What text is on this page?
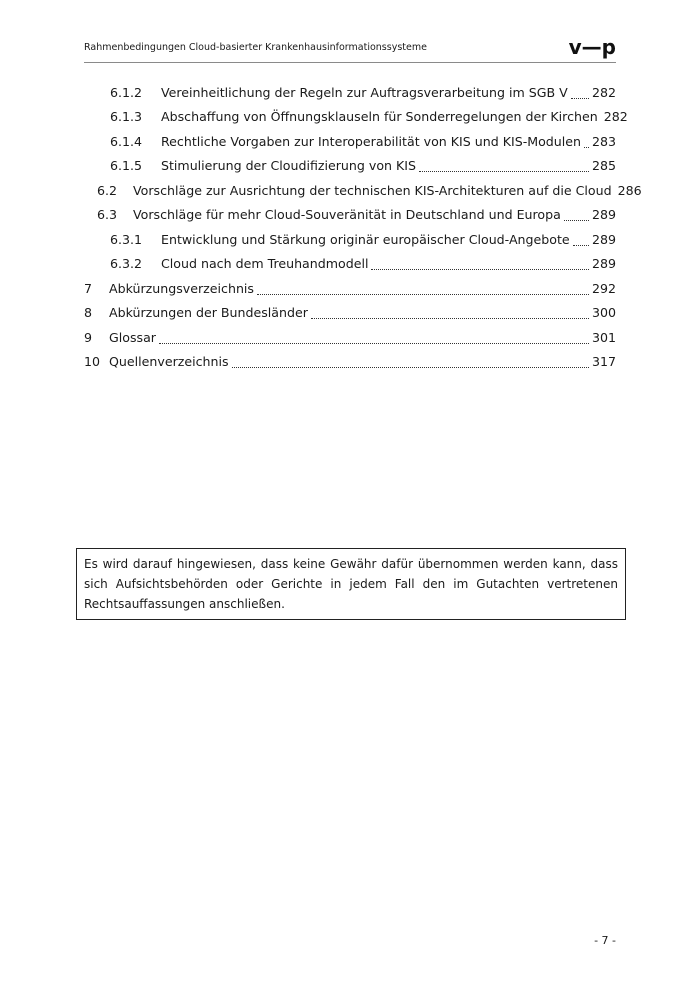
Rahmenbedingungen Cloud-basierter Krankenhausinformationssysteme	v—p
6.1.2	Vereinheitlichung der Regeln zur Auftragsverarbeitung im SGB V 282
6.1.3	Abschaffung von Öffnungsklauseln für Sonderregelungen der Kirchen 282
6.1.4	Rechtliche Vorgaben zur Interoperabilität von KIS und KIS-Modulen 283
6.1.5	Stimulierung der Cloudifizierung von KIS	285
6.2	Vorschläge zur Ausrichtung der technischen KIS-Architekturen auf die Cloud 286
6.3	Vorschläge für mehr Cloud-Souveränität in Deutschland und Europa 289
6.3.1	Entwicklung und Stärkung originär europäischer Cloud-Angebote 289
6.3.2	Cloud nach dem Treuhandmodell	289
7	Abkürzungsverzeichnis	292
8	Abkürzungen der Bundesländer	300
9	Glossar	301
10 Quellenverzeichnis	317
Es wird darauf hingewiesen, dass keine Gewähr dafür übernommen werden kann, dass sich Aufsichtsbehörden oder Gerichte in jedem Fall den im Gutachten vertretenen Rechtsauffassungen anschließen.
- 7 -
